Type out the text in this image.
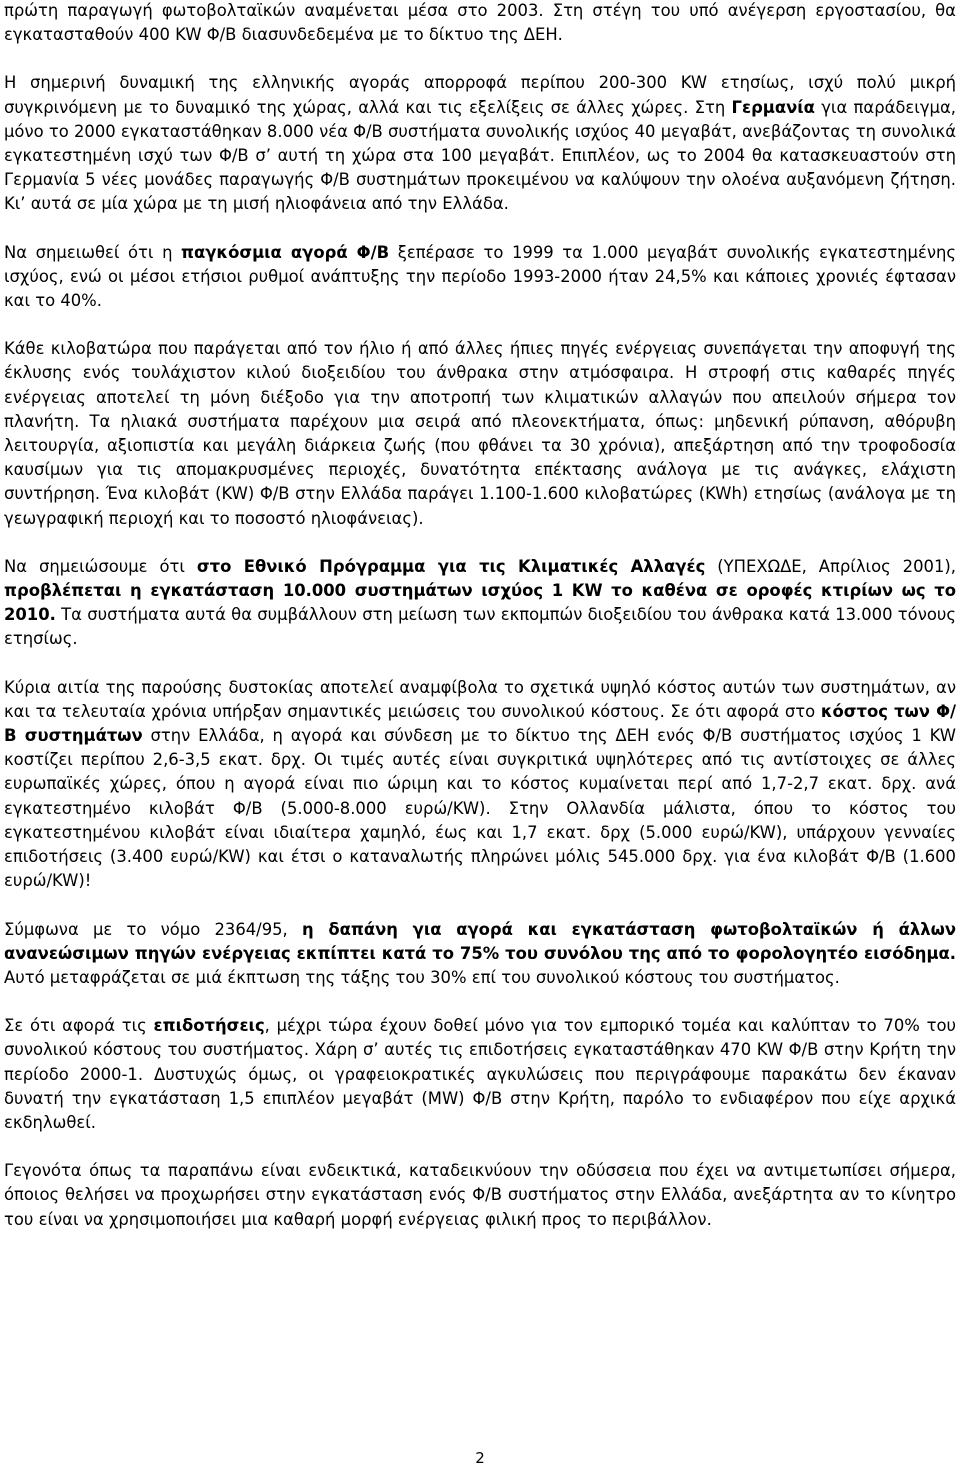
πρώτη παραγωγή φωτοβολταϊκών αναμένεται μέσα στο 2003. Στη στέγη του υπό ανέγερση εργοστασίου, θα εγκατασταθούν 400 KW Φ/Β διασυνδεδεμένα με το δίκτυο της ΔΕΗ.

Η σημερινή δυναμική της ελληνικής αγοράς απορροφά περίπου 200-300 KW ετησίως, ισχύ πολύ μικρή συγκρινόμενη με το δυναμικό της χώρας, αλλά και τις εξελίξεις σε άλλες χώρες. Στη Γερμανία για παράδειγμα, μόνο το 2000 εγκαταστάθηκαν 8.000 νέα Φ/Β συστήματα συνολικής ισχύος 40 μεγαβάτ, ανεβάζοντας τη συνολικά εγκατεστημένη ισχύ των Φ/Β σ’ αυτή τη χώρα στα 100 μεγαβάτ. Επιπλέον, ως το 2004 θα κατασκευαστούν στη Γερμανία 5 νέες μονάδες παραγωγής Φ/Β συστημάτων προκειμένου να καλύψουν την ολοένα αυξανόμενη ζήτηση. Κι’ αυτά σε μία χώρα με τη μισή ηλιοφάνεια από την Ελλάδα.

Να σημειωθεί ότι η παγκόσμια αγορά Φ/Β ξεπέρασε το 1999 τα 1.000 μεγαβάτ συνολικής εγκατεστημένης ισχύος, ενώ οι μέσοι ετήσιοι ρυθμοί ανάπτυξης την περίοδο 1993-2000 ήταν 24,5% και κάποιες χρονιές έφτασαν και το 40%.

Κάθε κιλοβατώρα που παράγεται από τον ήλιο ή από άλλες ήπιες πηγές ενέργειας συνεπάγεται την αποφυγή της έκλυσης ενός τουλάχιστον κιλού διοξειδίου του άνθρακα στην ατμόσφαιρα. Η στροφή στις καθαρές πηγές ενέργειας αποτελεί τη μόνη διέξοδο για την αποτροπή των κλιματικών αλλαγών που απειλούν σήμερα τον πλανήτη. Τα ηλιακά συστήματα παρέχουν μια σειρά από πλεονεκτήματα, όπως: μηδενική ρύπανση, αθόρυβη λειτουργία, αξιοπιστία και μεγάλη διάρκεια ζωής (που φθάνει τα 30 χρόνια), απεξάρτηση από την τροφοδοσία καυσίμων για τις απομακρυσμένες περιοχές, δυνατότητα επέκτασης ανάλογα με τις ανάγκες, ελάχιστη συντήρηση. Ένα κιλοβάτ (KW) Φ/Β στην Ελλάδα παράγει 1.100-1.600 κιλοβατώρες (KWh) ετησίως (ανάλογα με τη γεωγραφική περιοχή και το ποσοστό ηλιοφάνειας).

Να σημειώσουμε ότι στο Εθνικό Πρόγραμμα για τις Κλιματικές Αλλαγές (ΥΠΕΧΩΔΕ, Απρίλιος 2001), προβλέπεται η εγκατάσταση 10.000 συστημάτων ισχύος 1 KW το καθένα σε οροφές κτιρίων ως το 2010. Τα συστήματα αυτά θα συμβάλλουν στη μείωση των εκπομπών διοξειδίου του άνθρακα κατά 13.000 τόνους ετησίως.

Κύρια αιτία της παρούσης δυστοκίας αποτελεί αναμφίβολα το σχετικά υψηλό κόστος αυτών των συστημάτων, αν και τα τελευταία χρόνια υπήρξαν σημαντικές μειώσεις του συνολικού κόστους. Σε ότι αφορά στο κόστος των Φ/Β συστημάτων στην Ελλάδα, η αγορά και σύνδεση με το δίκτυο της ΔΕΗ ενός Φ/Β συστήματος ισχύος 1 KW κοστίζει περίπου 2,6-3,5 εκατ. δρχ. Οι τιμές αυτές είναι συγκριτικά υψηλότερες από τις αντίστοιχες σε άλλες ευρωπαϊκές χώρες, όπου η αγορά είναι πιο ώριμη και το κόστος κυμαίνεται περί από 1,7-2,7 εκατ. δρχ. ανά εγκατεστημένο κιλοβάτ Φ/Β (5.000-8.000 ευρώ/KW). Στην Ολλανδία μάλιστα, όπου το κόστος του εγκατεστημένου κιλοβάτ είναι ιδιαίτερα χαμηλό, έως και 1,7 εκατ. δρχ (5.000 ευρώ/KW), υπάρχουν γενναίες επιδοτήσεις (3.400 ευρώ/KW) και έτσι ο καταναλωτής πληρώνει μόλις 545.000 δρχ. για ένα κιλοβάτ Φ/Β (1.600 ευρώ/KW)!

Σύμφωνα με το νόμο 2364/95, η δαπάνη για αγορά και εγκατάσταση φωτοβολταϊκών ή άλλων ανανεώσιμων πηγών ενέργειας εκπίπτει κατά το 75% του συνόλου της από το φορολογητέο εισόδημα. Αυτό μεταφράζεται σε μιά έκπτωση της τάξης του 30% επί του συνολικού κόστους του συστήματος.

Σε ότι αφορά τις επιδοτήσεις, μέχρι τώρα έχουν δοθεί μόνο για τον εμπορικό τομέα και καλύπταν το 70% του συνολικού κόστους του συστήματος. Χάρη σ’ αυτές τις επιδοτήσεις εγκαταστάθηκαν 470 KW Φ/Β στην Κρήτη την περίοδο 2000-1. Δυστυχώς όμως, οι γραφειοκρατικές αγκυλώσεις που περιγράφουμε παρακάτω δεν έκαναν δυνατή την εγκατάσταση 1,5 επιπλέον μεγαβάτ (MW) Φ/Β στην Κρήτη, παρόλο το ενδιαφέρον που είχε αρχικά εκδηλωθεί.

Γεγονότα όπως τα παραπάνω είναι ενδεικτικά, καταδεικνύουν την οδύσσεια που έχει να αντιμετωπίσει σήμερα, όποιος θελήσει να προχωρήσει στην εγκατάσταση ενός Φ/Β συστήματος στην Ελλάδα, ανεξάρτητα αν το κίνητρο του είναι να χρησιμοποιήσει μια καθαρή μορφή ενέργειας φιλική προς το περιβάλλον.

2
